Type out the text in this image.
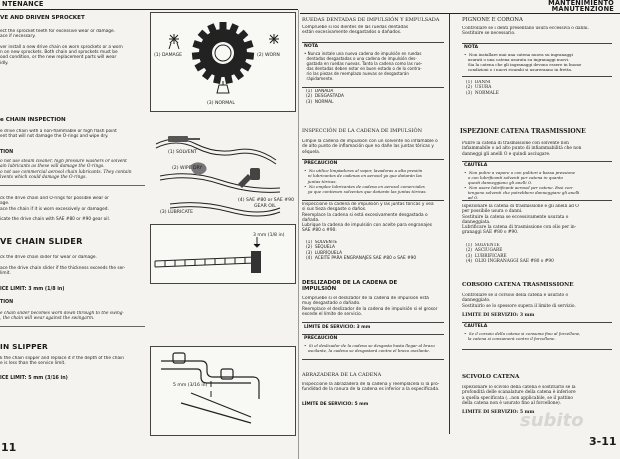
NTENANCE	MANTENIMIENTO
MANUTENZIONE
VE AND DRIVEN SPROCKET
ect the sprocket teeth for excessive wear or damage.
ace if necessary.

ver install a new drive chain on worn sprockets or a worn
n on new sprockets. Both chain and sprockets must be
ood condition, or the new replacement parts will wear
idly.
e CHAIN INSPECTION
e drive chain with a non-flammable or high flash point
ent that will not damage the O-rings and wipe dry.
TION
o not use steam cleaner, high pressure washers or solvent
ain lubricants as these will damage the O-rings.
o not use commercial aerosol chain lubricants. They contain
lvents which could damage the O-rings.
ck the drive chain and O-rings for possible wear or
age.
ace the chain if it is worn excessively or damaged.

icate the drive chain with SAE #80 or #90 gear oil.
VE CHAIN SLIDER
ck the drive chain slider for wear or damage.

ace the drive chain slider if the thickness exceeds the ser-
limit.
ICE LIMIT: 3 mm (1/8 in)
TION
e chain slider becomes worn down through to the swing-
, the chain will wear against the swingarm.
IN SLIPPER
k the chain slipper and replace it if the depth of the chain
e is less than the service limit.
ICE LIMIT: 5 mm (3/16 in)
(1) DAMAGE	(2) WORN
(3) NORMAL
(1) SOLVENT
(2) WIPE DRY
(3) LUBRICATE
(4) SAE #80 or SAE #90
GEAR OIL
3 mm (1/8 in)
5 mm (3/16 in)
RUEDAS DENTADAS DE IMPULSIÓN Y EMPULSADA
Compruebe si los dientes de las ruedas dentadas
están excesivamente desgastados o dañados.
NOTA
• Nunca instale una nueva cadena de impulsión en ruedas
dentadas desgastadas o una cadena de impulsión des-
gastada en ruedas nuevas. Tanto la cadena como las rue-
das dentadas deben estar en buen estado o de lo contra-
rio las piezas de reemplazo nuevas se desgastarán
rápidamente.
(1)  DAÑADA
(2)  DESGASTADA
(3)  NORMAL
INSPECCIÓN DE LA CADENA DE IMPULSIÓN
Limpie la cadena de impulsión con un solvente no inflamable o
de alto punto de inflamación que no dañe las juntas tóricas y
séquela.
PRECAUCIÓN
•  No utilice limpiadores al vapor, lavadoras a alta presión
ni lubricantes de cadenas en aerosol ya que dañarán las
juntas tóricas.
•  No emplee lubricantes de cadena en aerosol comerciales
ya que contienen solventes que dañarán las juntas tóricas.
Inspeccione la cadena de impulsión y las juntas tóricas y vea
si sus tieza desgaste o daños.
Reemplace la cadena si está excesivamente desgastada o
dañada.
Lubrique la cadena de impulsión con aceite para engranajes
SAE #80 o #90.
(1)  SOLVENTE
(2)  SÉQUELA
(3)  LUBRÍQUELA
(4)  ACEITE PARA ENGRANAJES SAE #80 o SAE #90
DESLIZADOR DE LA CADENA DE
IMPULSIÓN
Compruebe si el deslizador de la cadena de impulsión está
muy desgastado o dañado.
Reemplace el deslizador de la cadena de impulsión si el grosor
excede el límite de servicio.
LÍMITE DE SERVICIO: 3 mm
PRECAUCIÓN
•  Si el deslizador de la cadena se desgasta hasta llegar al brazo
oscilante, la cadena se desgastará contra el brazo oscilante.
ABRAZADERA DE LA CADENA
Inspeccione la abrazadera de la cadena y reemplácela si la pro-
fundidad de la ranura de la cadena es inferior a la especificada.
LÍMITE DE SERVICIO: 5 mm
PIGNONE E CORONA
Controllare se i denti presentano usura eccessiva o danni.
Sostituire se necessario.
NOTA
•  Non installare mai una catena nuova su ingranaggi
usurati o una catena usurata su ingranaggi nuovi.
Sia la catena che gli ingranaggi devono essere in buone
condizioni o i nuovi ricambi si usureranno in fretta.
(1)  DANNI
(2)  USURA
(3)  NORMALE
ISPEZIONE CATENA TRASMISSIONE
Pulire la catena di trasmissione con solvente non
infiammabile o ad alto punto di infiammabilità che non
danneggi gli anelli O e quindi asciugare.
CAUTELA
•  Non pulire a vapore o con pulitori a bassa pressione
o con lubrificanti solventi per catena in quanto
questi danneggiano gli anelli O.
•  Non usare lubrificanti aerosol per catene. Essi con-
tengono solventi che potrebbero danneggiare gli anelli
ad O.
Ispezionare la catena di trasmissione e gli anelli ad O
per possibile usura o danni.
Sostituire la catena se eccessivamente usurata o
danneggiata.
Lubrificare la catena di trasmissione con olio per in-
granaggi SAE #80 o #90.
(1)  SOLVENTE
(2)  ASCIUGARE
(3)  LUBRIFICARE
(4)  OLIO INGRANAGGI SAE #80 o #90
CORSOIO CATENA TRASMISSIONE
Controllare se il corsoio della catena è usurato o
danneggiato.
Sostituirlo se lo spessore supera il limite di servizio.
LIMITE DI SERVIZIO: 3 mm
CAUTELA
•  Se il corsoio della catena si consuma fino al forcellone,
la catena si consumerà contro il forcellone.
SCIVOLO CATENA
Ispezionare lo scivolo della catena e sostituirlo se la
profondità delle scanalature della catena è inferiore
a quella specificata (...non applicabile, se il pattino
della catena non è usurato fino al forcellone).
LIMITE DI SERVIZIO: 5 mm
11	3-11
subito
